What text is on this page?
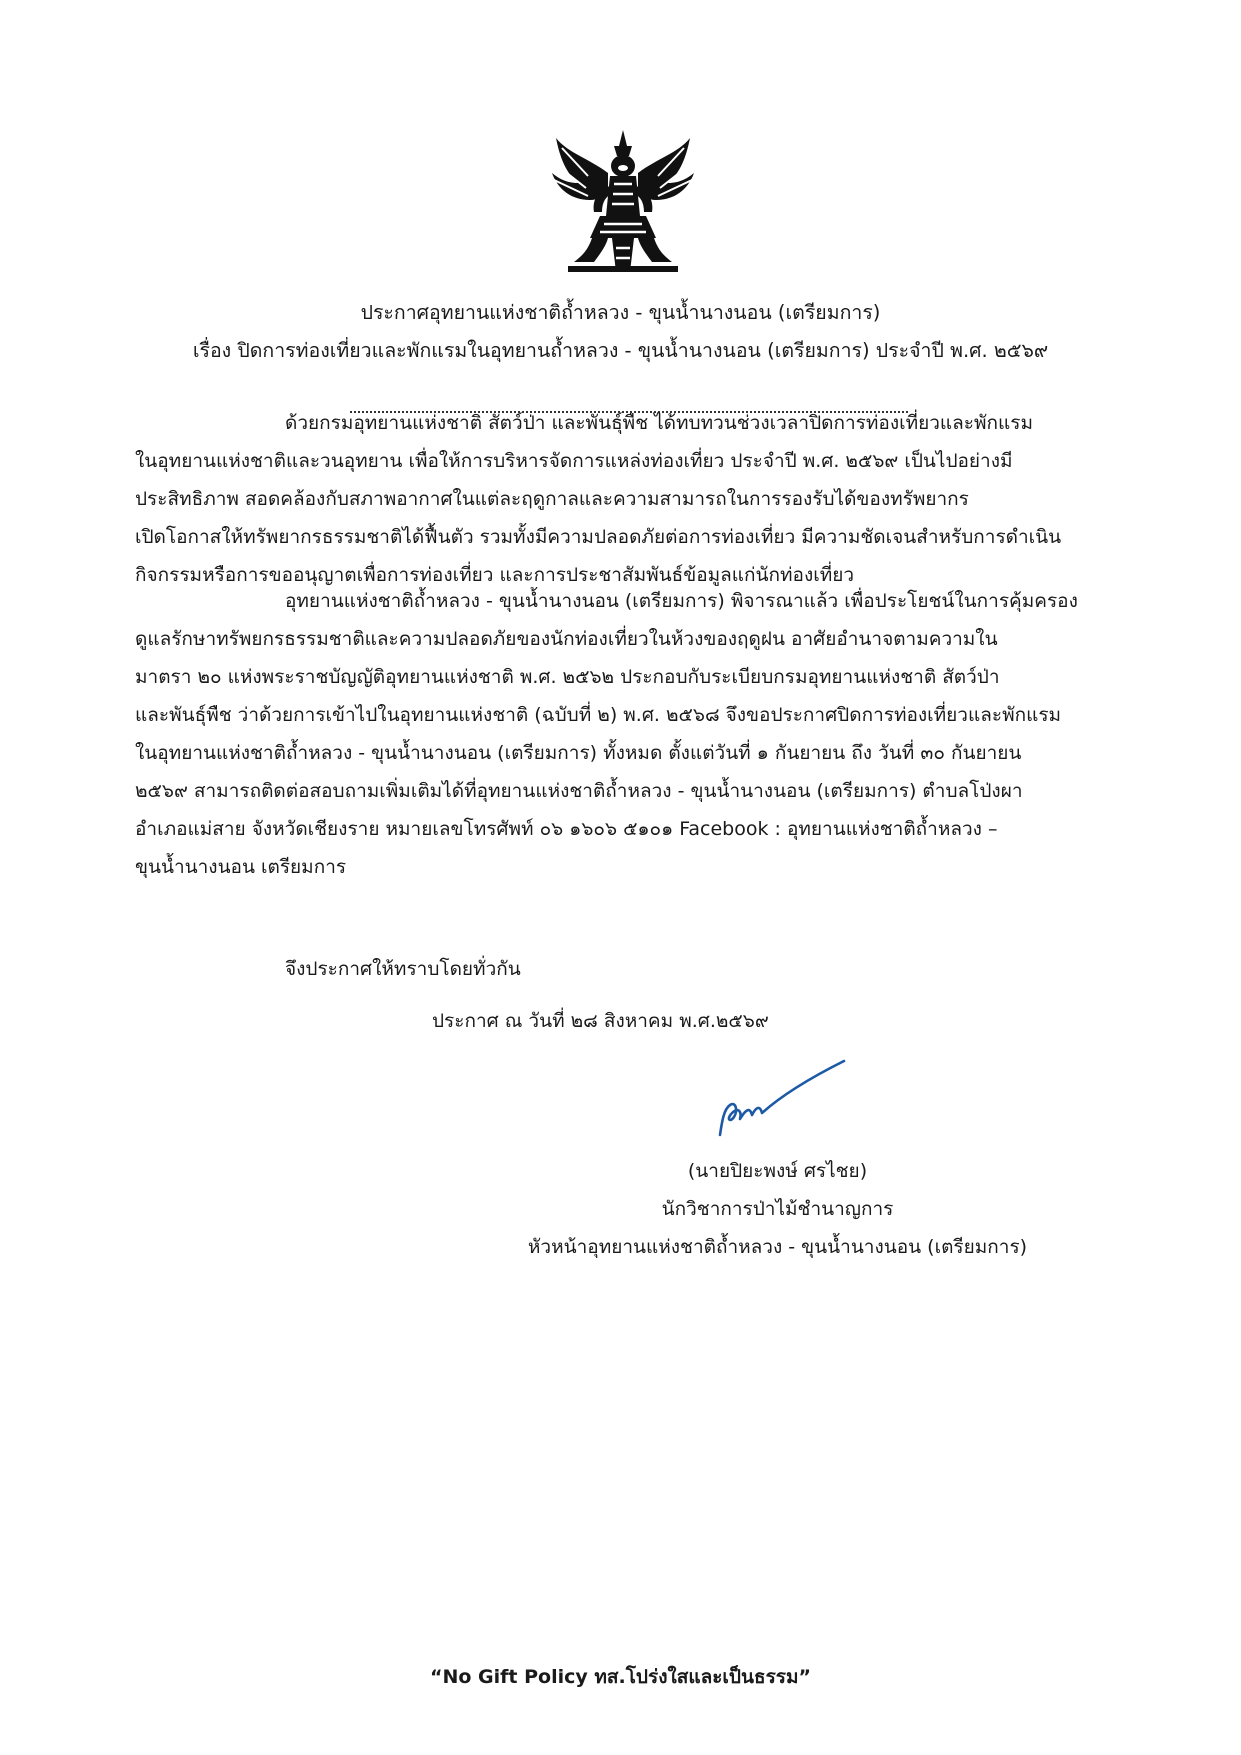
ประกาศอุทยานแห่งชาติถ้ำหลวง - ขุนน้ำนางนอน (เตรียมการ)
เรื่อง ปิดการท่องเที่ยวและพักแรมในอุทยานถ้ำหลวง - ขุนน้ำนางนอน (เตรียมการ) ประจำปี พ.ศ. ๒๕๖๙
ด้วยกรมอุทยานแห่งชาติ สัตว์ป่า และพันธุ์พืช ได้ทบทวนช่วงเวลาปิดการท่องเที่ยวและพักแรม
ในอุทยานแห่งชาติและวนอุทยาน เพื่อให้การบริหารจัดการแหล่งท่องเที่ยว ประจำปี พ.ศ. ๒๕๖๙ เป็นไปอย่างมี
ประสิทธิภาพ สอดคล้องกับสภาพอากาศในแต่ละฤดูกาลและความสามารถในการรองรับได้ของทรัพยากร
เปิดโอกาสให้ทรัพยากรธรรมชาติได้ฟื้นตัว รวมทั้งมีความปลอดภัยต่อการท่องเที่ยว มีความชัดเจนสำหรับการดำเนิน
กิจกรรมหรือการขออนุญาตเพื่อการท่องเที่ยว และการประชาสัมพันธ์ข้อมูลแก่นักท่องเที่ยว
อุทยานแห่งชาติถ้ำหลวง - ขุนน้ำนางนอน (เตรียมการ) พิจารณาแล้ว เพื่อประโยชน์ในการคุ้มครอง
ดูแลรักษาทรัพยกรธรรมชาติและความปลอดภัยของนักท่องเที่ยวในห้วงของฤดูฝน อาศัยอำนาจตามความใน
มาตรา ๒๐ แห่งพระราชบัญญัติอุทยานแห่งชาติ พ.ศ. ๒๕๖๒ ประกอบกับระเบียบกรมอุทยานแห่งชาติ สัตว์ป่า
และพันธุ์พืช ว่าด้วยการเข้าไปในอุทยานแห่งชาติ (ฉบับที่ ๒) พ.ศ. ๒๕๖๘ จึงขอประกาศปิดการท่องเที่ยวและพักแรม
ในอุทยานแห่งชาติถ้ำหลวง - ขุนน้ำนางนอน (เตรียมการ) ทั้งหมด ตั้งแต่วันที่ ๑ กันยายน ถึง วันที่ ๓๐ กันยายน
๒๕๖๙ สามารถติดต่อสอบถามเพิ่มเติมได้ที่อุทยานแห่งชาติถ้ำหลวง - ขุนน้ำนางนอน (เตรียมการ) ตำบลโป่งผา
อำเภอแม่สาย จังหวัดเชียงราย หมายเลขโทรศัพท์ ๐๖ ๑๖๐๖ ๕๑๐๑ Facebook : อุทยานแห่งชาติถ้ำหลวง –
ขุนน้ำนางนอน เตรียมการ
จึงประกาศให้ทราบโดยทั่วกัน
ประกาศ ณ วันที่ ๒๘ สิงหาคม พ.ศ.๒๕๖๙
(นายปิยะพงษ์ ศรไชย)
นักวิชาการป่าไม้ชำนาญการ
หัวหน้าอุทยานแห่งชาติถ้ำหลวง - ขุนน้ำนางนอน (เตรียมการ)
“No Gift Policy ทส.โปร่งใสและเป็นธรรม”
